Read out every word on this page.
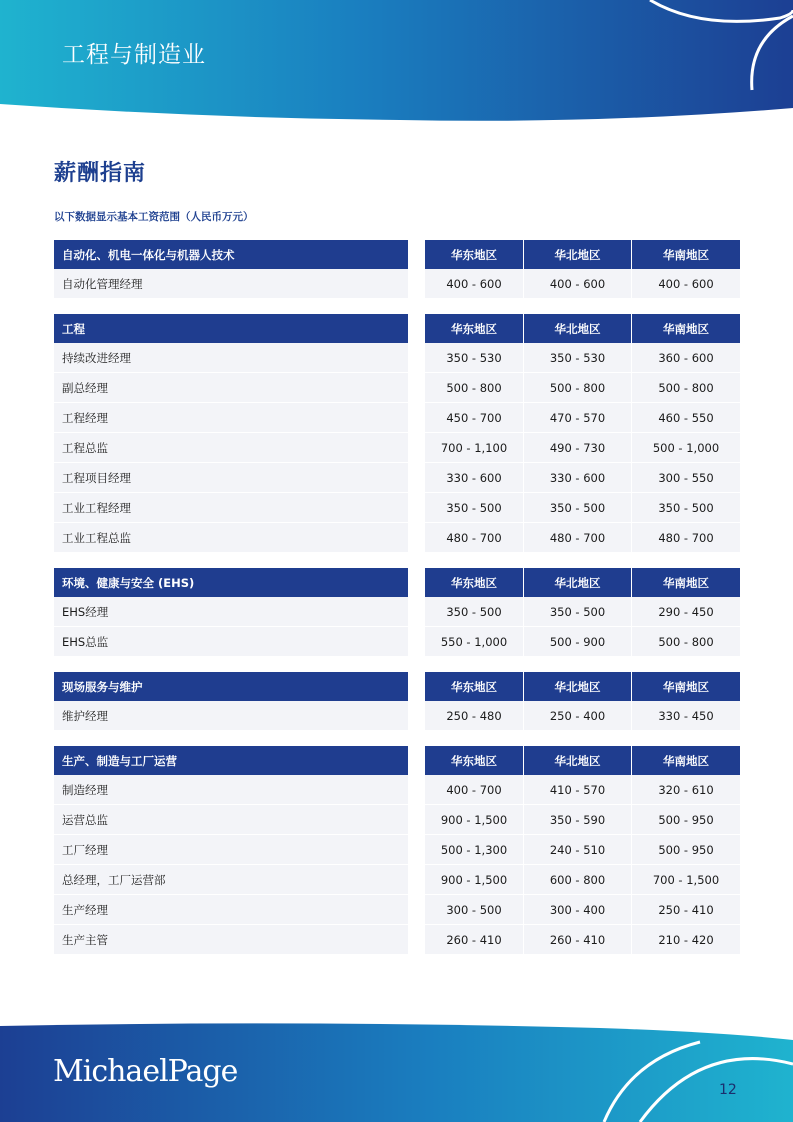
工程与制造业
薪酬指南
以下数据显示基本工资范围（人民币万元）
自动化、机电一体化与机器人技术	华东地区	华北地区	华南地区
自动化管理经理	400 - 600	400 - 600	400 - 600
工程	华东地区	华北地区	华南地区
持续改进经理	350 - 530	350 - 530	360 - 600
副总经理	500 - 800	500 - 800	500 - 800
工程经理	450 - 700	470 - 570	460 - 550
工程总监	700 - 1,100	490 - 730	500 - 1,000
工程项目经理	330 - 600	330 - 600	300 - 550
工业工程经理	350 - 500	350 - 500	350 - 500
工业工程总监	480 - 700	480 - 700	480 - 700
环境、健康与安全 (EHS)	华东地区	华北地区	华南地区
EHS经理	350 - 500	350 - 500	290 - 450
EHS总监	550 - 1,000	500 - 900	500 - 800
现场服务与维护	华东地区	华北地区	华南地区
维护经理	250 - 480	250 - 400	330 - 450
生产、制造与工厂运营	华东地区	华北地区	华南地区
制造经理	400 - 700	410 - 570	320 - 610
运营总监	900 - 1,500	350 - 590	500 - 950
工厂经理	500 - 1,300	240 - 510	500 - 950
总经理，工厂运营部	900 - 1,500	600 - 800	700 - 1,500
生产经理	300 - 500	300 - 400	250 - 410
生产主管	260 - 410	260 - 410	210 - 420
MichaelPage
12
